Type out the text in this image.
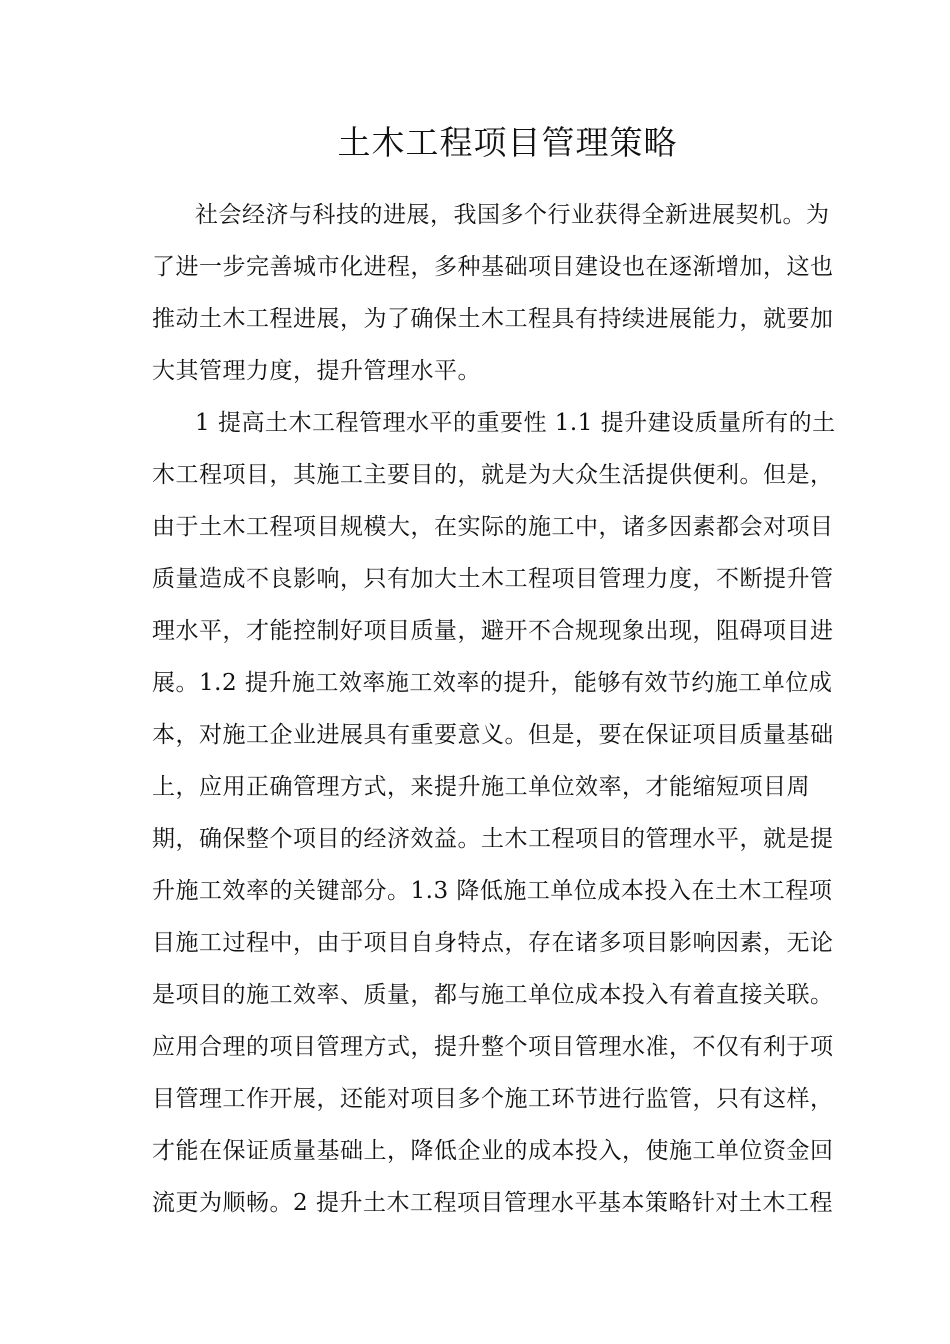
土木工程项目管理策略
社会经济与科技的进展，我国多个行业获得全新进展契机。为
了进一步完善城市化进程，多种基础项目建设也在逐渐增加，这也
推动土木工程进展，为了确保土木工程具有持续进展能力，就要加
大其管理力度，提升管理水平。
1 提高土木工程管理水平的重要性 1.1 提升建设质量所有的土
木工程项目，其施工主要目的，就是为大众生活提供便利。但是，
由于土木工程项目规模大，在实际的施工中，诸多因素都会对项目
质量造成不良影响，只有加大土木工程项目管理力度，不断提升管
理水平，才能控制好项目质量，避开不合规现象出现，阻碍项目进
展。1.2 提升施工效率施工效率的提升，能够有效节约施工单位成
本，对施工企业进展具有重要意义。但是，要在保证项目质量基础
上，应用正确管理方式，来提升施工单位效率，才能缩短项目周
期，确保整个项目的经济效益。土木工程项目的管理水平，就是提
升施工效率的关键部分。1.3 降低施工单位成本投入在土木工程项
目施工过程中，由于项目自身特点，存在诸多项目影响因素，无论
是项目的施工效率、质量，都与施工单位成本投入有着直接关联。
应用合理的项目管理方式，提升整个项目管理水准，不仅有利于项
目管理工作开展，还能对项目多个施工环节进行监管，只有这样，
才能在保证质量基础上，降低企业的成本投入，使施工单位资金回
流更为顺畅。2 提升土木工程项目管理水平基本策略针对土木工程
